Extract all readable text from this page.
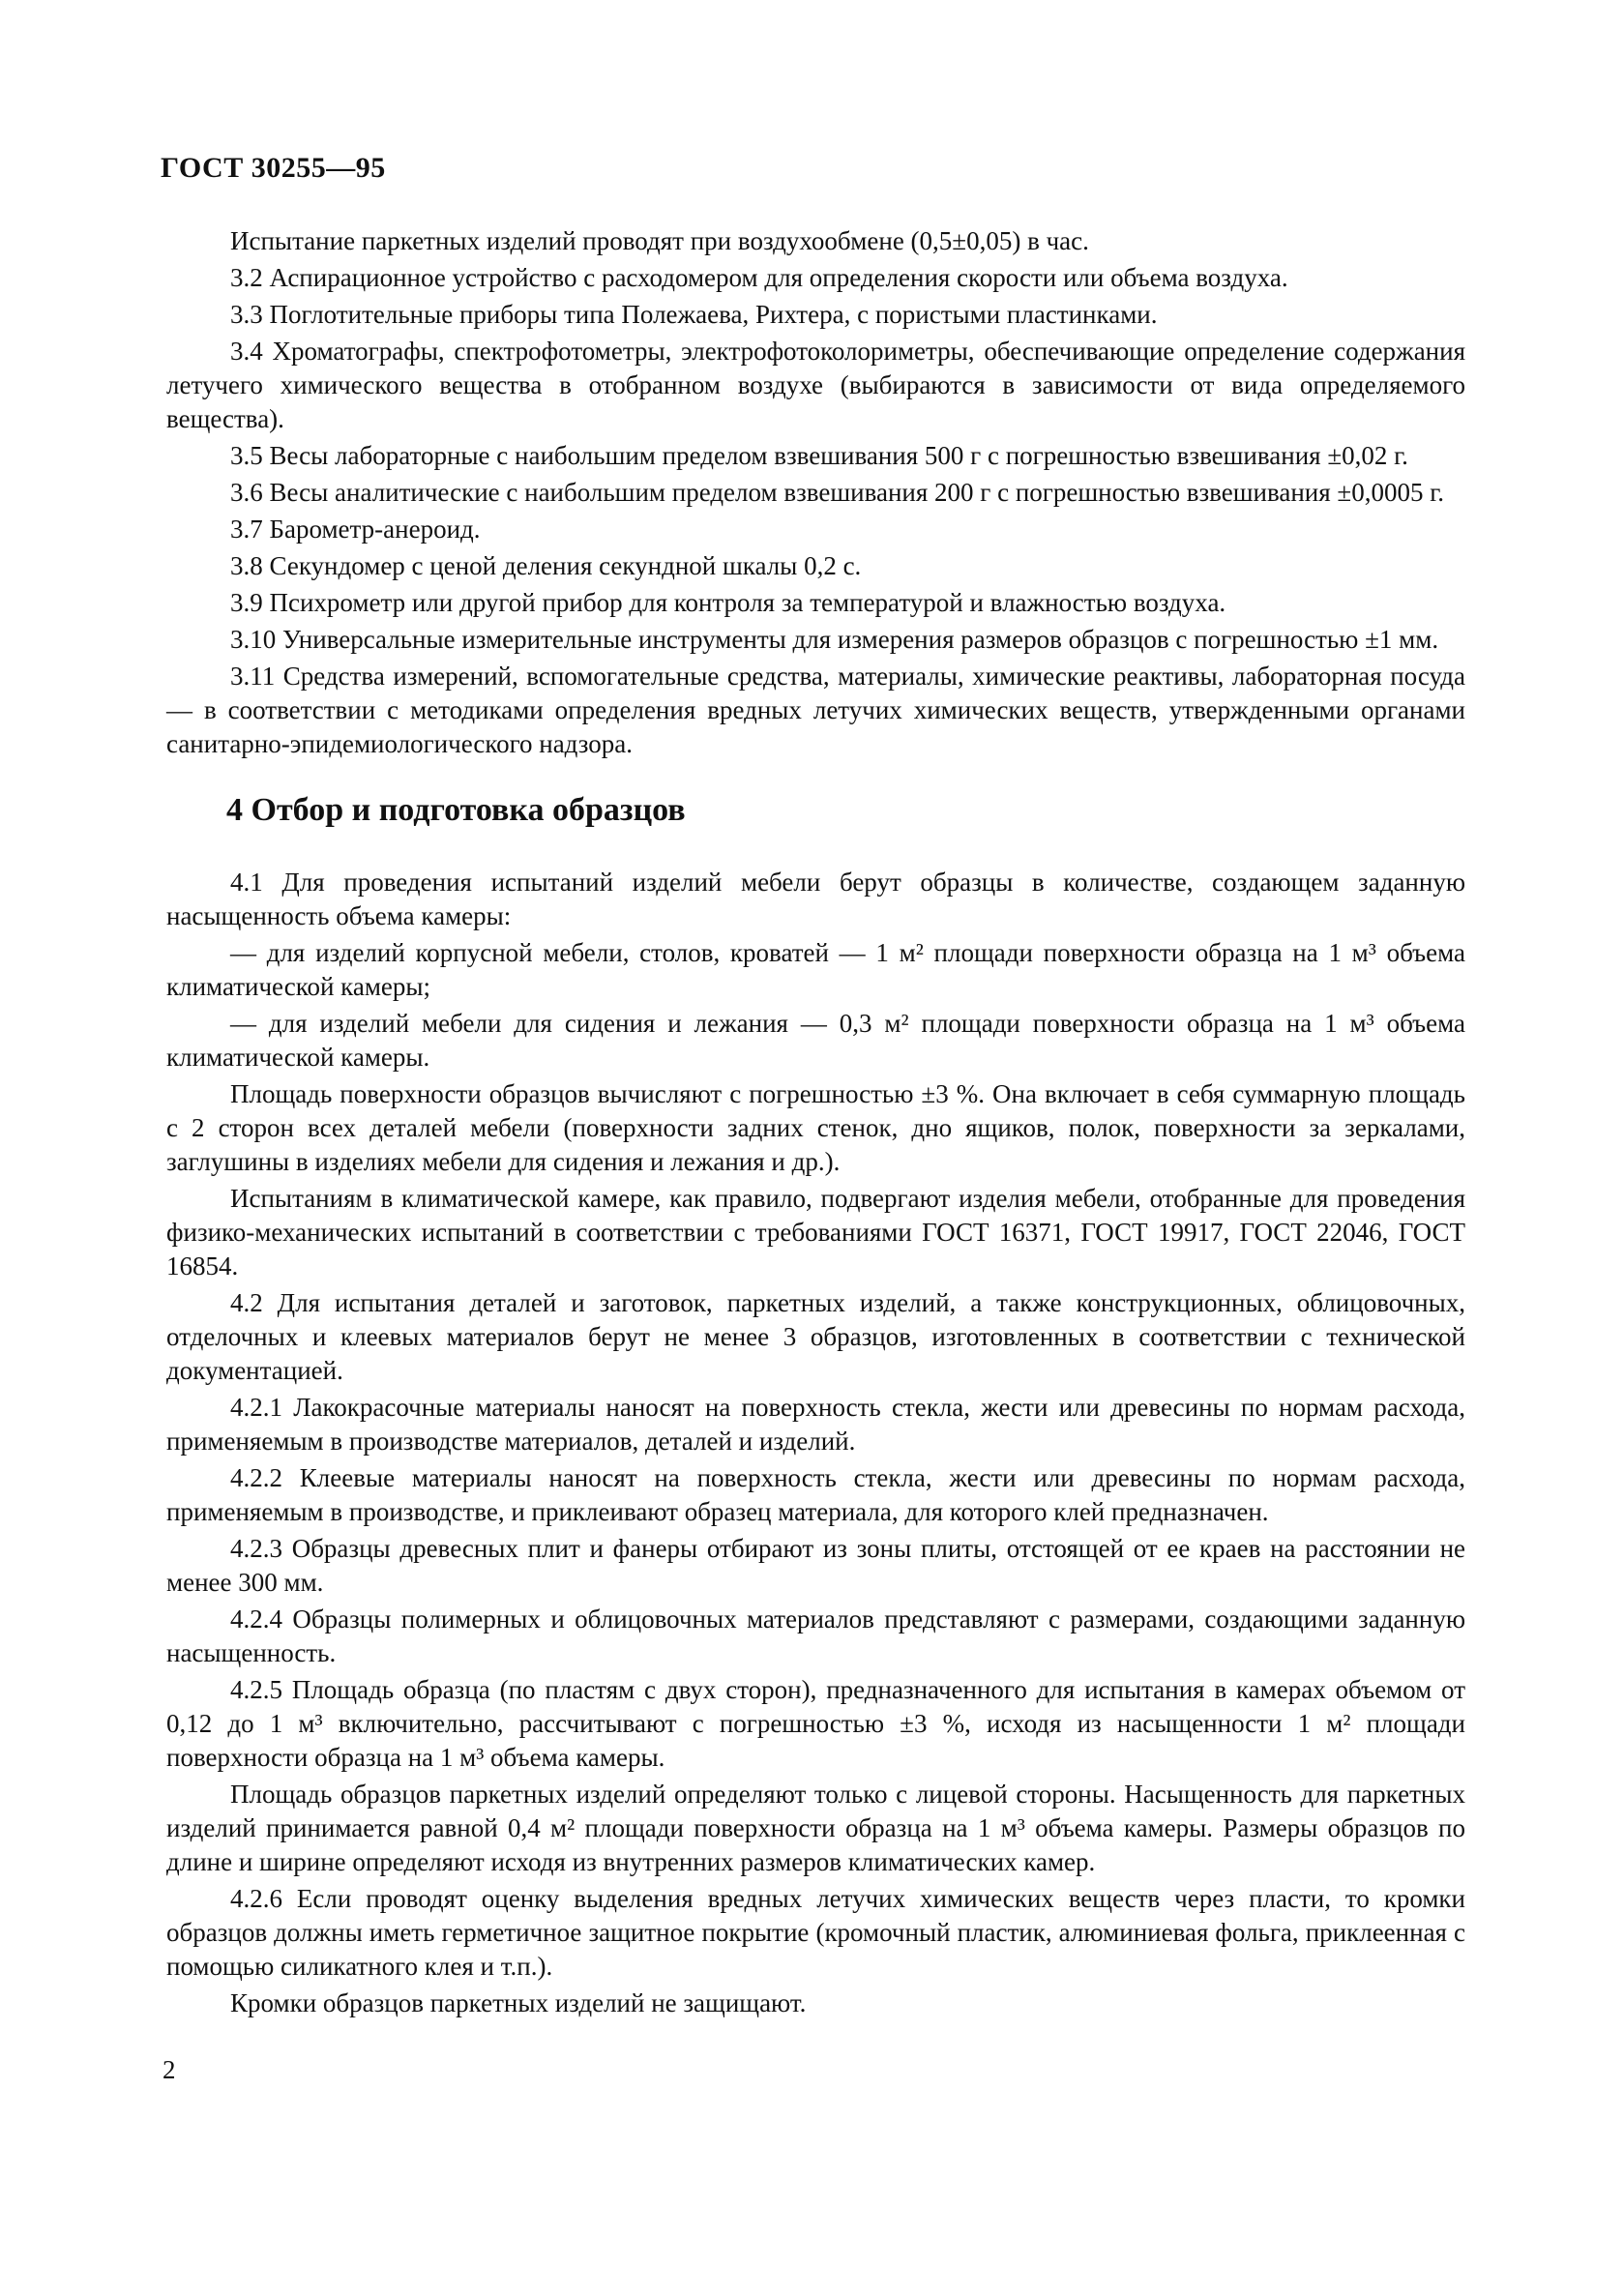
ГОСТ 30255—95

Испытание паркетных изделий проводят при воздухообмене (0,5±0,05) в час.

3.2 Аспирационное устройство с расходомером для определения скорости или объема воздуха.

3.3 Поглотительные приборы типа Полежаева, Рихтера, с пористыми пластинками.

3.4 Хроматографы, спектрофотометры, электрофотоколориметры, обеспечивающие определение содержания летучего химического вещества в отобранном воздухе (выбираются в зависимости от вида определяемого вещества).

3.5 Весы лабораторные с наибольшим пределом взвешивания 500 г с погрешностью взвешивания ±0,02 г.

3.6 Весы аналитические с наибольшим пределом взвешивания 200 г с погрешностью взвешивания ±0,0005 г.

3.7 Барометр-анероид.

3.8 Секундомер с ценой деления секундной шкалы 0,2 с.

3.9 Психрометр или другой прибор для контроля за температурой и влажностью воздуха.

3.10 Универсальные измерительные инструменты для измерения размеров образцов с погрешностью ±1 мм.

3.11 Средства измерений, вспомогательные средства, материалы, химические реактивы, лабораторная посуда — в соответствии с методиками определения вредных летучих химических веществ, утвержденными органами санитарно-эпидемиологического надзора.

4 Отбор и подготовка образцов

4.1 Для проведения испытаний изделий мебели берут образцы в количестве, создающем заданную насыщенность объема камеры:

— для изделий корпусной мебели, столов, кроватей — 1 м² площади поверхности образца на 1 м³ объема климатической камеры;

— для изделий мебели для сидения и лежания — 0,3 м² площади поверхности образца на 1 м³ объема климатической камеры.

Площадь поверхности образцов вычисляют с погрешностью ±3 %. Она включает в себя суммарную площадь с 2 сторон всех деталей мебели (поверхности задних стенок, дно ящиков, полок, поверхности за зеркалами, заглушины в изделиях мебели для сидения и лежания и др.).

Испытаниям в климатической камере, как правило, подвергают изделия мебели, отобранные для проведения физико-механических испытаний в соответствии с требованиями ГОСТ 16371, ГОСТ 19917, ГОСТ 22046, ГОСТ 16854.

4.2 Для испытания деталей и заготовок, паркетных изделий, а также конструкционных, облицовочных, отделочных и клеевых материалов берут не менее 3 образцов, изготовленных в соответствии с технической документацией.

4.2.1 Лакокрасочные материалы наносят на поверхность стекла, жести или древесины по нормам расхода, применяемым в производстве материалов, деталей и изделий.

4.2.2 Клеевые материалы наносят на поверхность стекла, жести или древесины по нормам расхода, применяемым в производстве, и приклеивают образец материала, для которого клей предназначен.

4.2.3 Образцы древесных плит и фанеры отбирают из зоны плиты, отстоящей от ее краев на расстоянии не менее 300 мм.

4.2.4 Образцы полимерных и облицовочных материалов представляют с размерами, создающими заданную насыщенность.

4.2.5 Площадь образца (по пластям с двух сторон), предназначенного для испытания в камерах объемом от 0,12 до 1 м³ включительно, рассчитывают с погрешностью ±3 %, исходя из насыщенности 1 м² площади поверхности образца на 1 м³ объема камеры.

Площадь образцов паркетных изделий определяют только с лицевой стороны. Насыщенность для паркетных изделий принимается равной 0,4 м² площади поверхности образца на 1 м³ объема камеры. Размеры образцов по длине и ширине определяют исходя из внутренних размеров климатических камер.

4.2.6 Если проводят оценку выделения вредных летучих химических веществ через пласти, то кромки образцов должны иметь герметичное защитное покрытие (кромочный пластик, алюминиевая фольга, приклеенная с помощью силикатного клея и т.п.).

Кромки образцов паркетных изделий не защищают.

2
